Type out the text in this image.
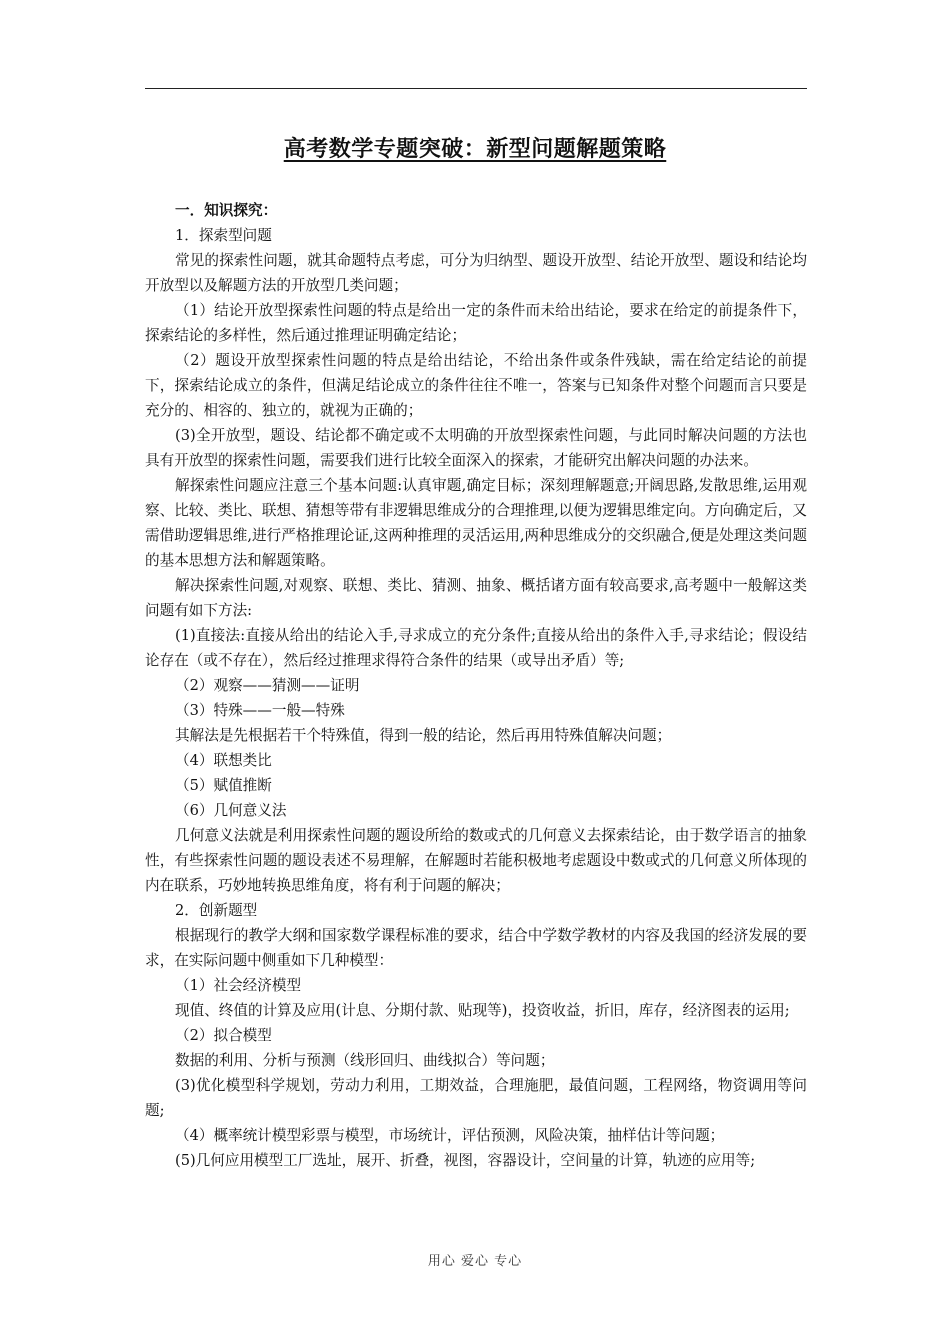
高考数学专题突破：新型问题解题策略

一．知识探究：

1．探索型问题

常见的探索性问题，就其命题特点考虑，可分为归纳型、题设开放型、结论开放型、题设和结论均开放型以及解题方法的开放型几类问题；

（1）结论开放型探索性问题的特点是给出一定的条件而未给出结论，要求在给定的前提条件下，探索结论的多样性，然后通过推理证明确定结论；

（2）题设开放型探索性问题的特点是给出结论，不给出条件或条件残缺，需在给定结论的前提下，探索结论成立的条件，但满足结论成立的条件往往不唯一，答案与已知条件对整个问题而言只要是充分的、相容的、独立的，就视为正确的；

(3)全开放型，题设、结论都不确定或不太明确的开放型探索性问题，与此同时解决问题的方法也具有开放型的探索性问题，需要我们进行比较全面深入的探索，才能研究出解决问题的办法来。

解探索性问题应注意三个基本问题:认真审题,确定目标；深刻理解题意;开阔思路,发散思维,运用观察、比较、类比、联想、猜想等带有非逻辑思维成分的合理推理,以便为逻辑思维定向。方向确定后，又需借助逻辑思维,进行严格推理论证,这两种推理的灵活运用,两种思维成分的交织融合,便是处理这类问题的基本思想方法和解题策略。

解决探索性问题,对观察、联想、类比、猜测、抽象、概括诸方面有较高要求,高考题中一般解这类问题有如下方法:

(1)直接法:直接从给出的结论入手,寻求成立的充分条件;直接从给出的条件入手,寻求结论；假设结论存在（或不存在），然后经过推理求得符合条件的结果（或导出矛盾）等;

（2）观察——猜测——证明

（3）特殊——一般—特殊

其解法是先根据若干个特殊值，得到一般的结论，然后再用特殊值解决问题；

（4）联想类比

（5）赋值推断

（6）几何意义法

几何意义法就是利用探索性问题的题设所给的数或式的几何意义去探索结论，由于数学语言的抽象性，有些探索性问题的题设表述不易理解，在解题时若能积极地考虑题设中数或式的几何意义所体现的内在联系，巧妙地转换思维角度，将有利于问题的解决；

2．创新题型

根据现行的教学大纲和国家数学课程标准的要求，结合中学数学教材的内容及我国的经济发展的要求，在实际问题中侧重如下几种模型：

（1）社会经济模型

现值、终值的计算及应用(计息、分期付款、贴现等)，投资收益，折旧，库存，经济图表的运用;

（2）拟合模型

数据的利用、分析与预测（线形回归、曲线拟合）等问题；

(3)优化模型科学规划，劳动力利用，工期效益，合理施肥，最值问题，工程网络，物资调用等问题;

（4）概率统计模型彩票与模型，市场统计，评估预测，风险决策，抽样估计等问题；

(5)几何应用模型工厂选址，展开、折叠，视图，容器设计，空间量的计算，轨迹的应用等;

用心 爱心 专心
